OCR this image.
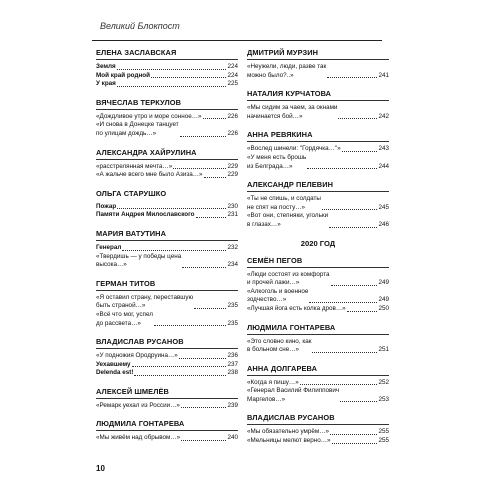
Великий Блокпост
ЕЛЕНА ЗАСЛАВСКАЯ
Земля	224
Мой край родной	224
У края	225
ВЯЧЕСЛАВ ТЕРКУЛОВ
«Дождливое утро и море сонное…»	226
«И снова в Донецке танцует
по улицам дождь…»	226
АЛЕКСАНДРА ХАЙРУЛИНА
«расстрелянная мечта…»	229
«А жальче всего мне было Азиза…»	229
ОЛЬГА СТАРУШКО
Пожар	230
Памяти Андрея Милославского	231
МАРИЯ ВАТУТИНА
Генерал	232
«Твердишь — у победы цена
высока…»	234
ГЕРМАН ТИТОВ
«Я оставил страну, переставшую
быть страной…»	235
«Всё что мог, успел
до рассвета…»	235
ВЛАДИСЛАВ РУСАНОВ
«У подножия Ородруина…»	236
Уехавшему	237
Delenda est!	238
АЛЕКСЕЙ ШМЕЛЁВ
«Ремарк уехал из России…»	239
ЛЮДМИЛА ГОНТАРЕВА
«Мы живём над обрывом…»	240
ДМИТРИЙ МУРЗИН
«Неужели, люди, разве так
можно было?..»	241
НАТАЛИЯ КУРЧАТОВА
«Мы сидим за чаем, за окнами
начинается бой…»	242
АННА РЕВЯКИНА
«Вослед шинели: "Гордячка…"»	243
«У меня есть брошь
из Белграда…»	244
АЛЕКСАНДР ПЕЛЕВИН
«Ты не спишь, и солдаты
не спят на посту…»	245
«Вот они, степняки, угольки
в глазах…»	246
2020 ГОД
СЕМЁН ПЕГОВ
«Люди состоят из комфорта
и прочей лажи…»	249
«Алкоголь и военное
зодчество…»	249
«Лучшая йога есть колка дров…»	250
ЛЮДМИЛА ГОНТАРЕВА
«Это словно кино, как
в больном сне…»	251
АННА ДОЛГАРЕВА
«Когда я пишу…»	252
«Генерал Василий Филиппович
Маргелов…»	253
ВЛАДИСЛАВ РУСАНОВ
«Мы обязательно умрём…»	255
«Мельницы мелют верно…»	255
10
